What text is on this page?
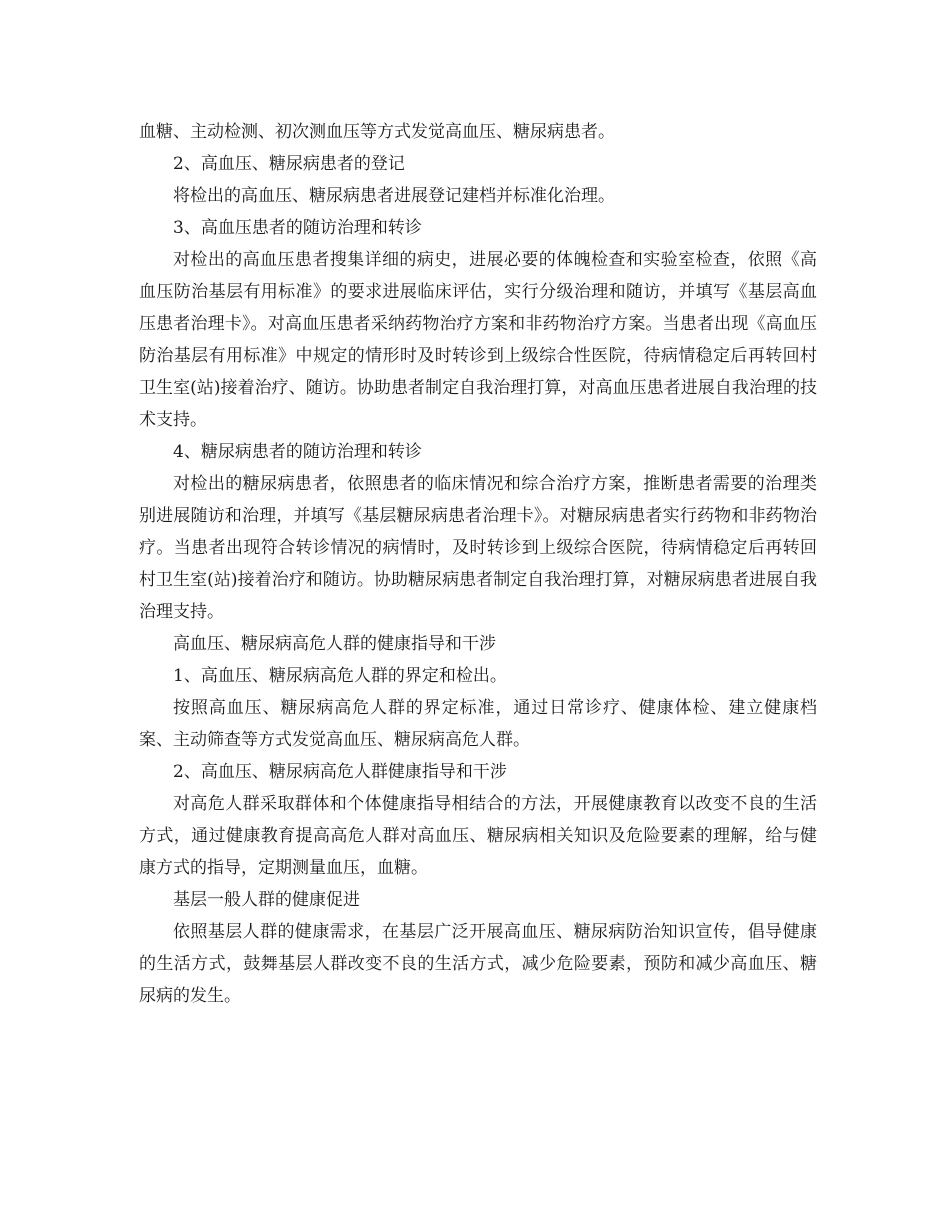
血糖、主动检测、初次测血压等方式发觉高血压、糖尿病患者。

2、高血压、糖尿病患者的登记

将检出的高血压、糖尿病患者进展登记建档并标准化治理。

3、高血压患者的随访治理和转诊

对检出的高血压患者搜集详细的病史，进展必要的体魄检查和实验室检查，依照《高血压防治基层有用标准》的要求进展临床评估，实行分级治理和随访，并填写《基层高血压患者治理卡》。对高血压患者采纳药物治疗方案和非药物治疗方案。当患者出现《高血压防治基层有用标准》中规定的情形时及时转诊到上级综合性医院，待病情稳定后再转回村卫生室(站)接着治疗、随访。协助患者制定自我治理打算，对高血压患者进展自我治理的技术支持。

4、糖尿病患者的随访治理和转诊

对检出的糖尿病患者，依照患者的临床情况和综合治疗方案，推断患者需要的治理类别进展随访和治理，并填写《基层糖尿病患者治理卡》。对糖尿病患者实行药物和非药物治疗。当患者出现符合转诊情况的病情时，及时转诊到上级综合医院，待病情稳定后再转回村卫生室(站)接着治疗和随访。协助糖尿病患者制定自我治理打算，对糖尿病患者进展自我治理支持。

高血压、糖尿病高危人群的健康指导和干涉

1、高血压、糖尿病高危人群的界定和检出。

按照高血压、糖尿病高危人群的界定标准，通过日常诊疗、健康体检、建立健康档案、主动筛查等方式发觉高血压、糖尿病高危人群。

2、高血压、糖尿病高危人群健康指导和干涉

对高危人群采取群体和个体健康指导相结合的方法，开展健康教育以改变不良的生活方式，通过健康教育提高高危人群对高血压、糖尿病相关知识及危险要素的理解，给与健康方式的指导，定期测量血压，血糖。

基层一般人群的健康促进

依照基层人群的健康需求，在基层广泛开展高血压、糖尿病防治知识宣传，倡导健康的生活方式，鼓舞基层人群改变不良的生活方式，减少危险要素，预防和减少高血压、糖尿病的发生。
